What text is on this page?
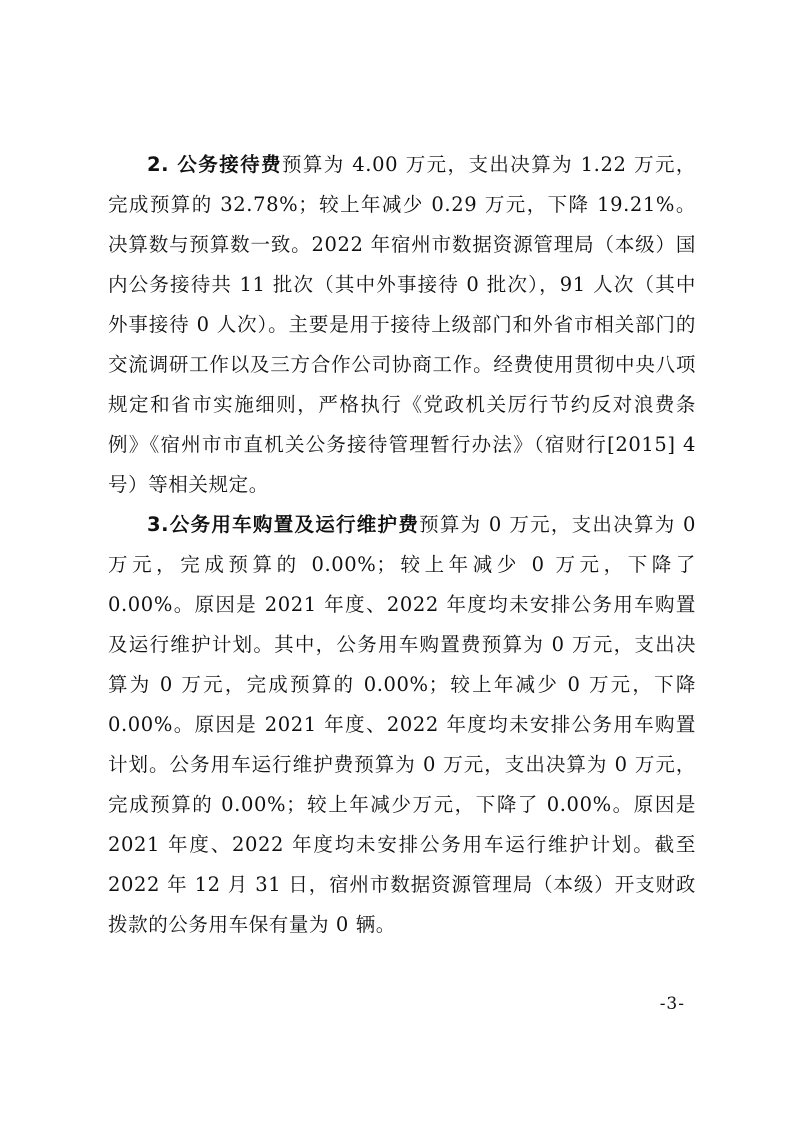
2. 公务接待费预算为 4.00 万元，支出决算为 1.22 万元，完成预算的 32.78%；较上年减少 0.29 万元，下降 19.21%。决算数与预算数一致。2022 年宿州市数据资源管理局（本级）国内公务接待共 11 批次（其中外事接待 0 批次），91 人次（其中外事接待 0 人次）。主要是用于接待上级部门和外省市相关部门的交流调研工作以及三方合作公司协商工作。经费使用贯彻中央八项规定和省市实施细则，严格执行《党政机关厉行节约反对浪费条例》《宿州市市直机关公务接待管理暂行办法》（宿财行[2015] 4 号）等相关规定。

3.公务用车购置及运行维护费预算为 0 万元，支出决算为 0 万元，完成预算的 0.00%；较上年减少 0 万元，下降了 0.00%。原因是 2021 年度、2022 年度均未安排公务用车购置及运行维护计划。其中，公务用车购置费预算为 0 万元，支出决算为 0 万元，完成预算的 0.00%；较上年减少 0 万元，下降 0.00%。原因是 2021 年度、2022 年度均未安排公务用车购置计划。公务用车运行维护费预算为 0 万元，支出决算为 0 万元，完成预算的 0.00%；较上年减少万元，下降了 0.00%。原因是 2021 年度、2022 年度均未安排公务用车运行维护计划。截至 2022 年 12 月 31 日，宿州市数据资源管理局（本级）开支财政拨款的公务用车保有量为 0 辆。

-3-
